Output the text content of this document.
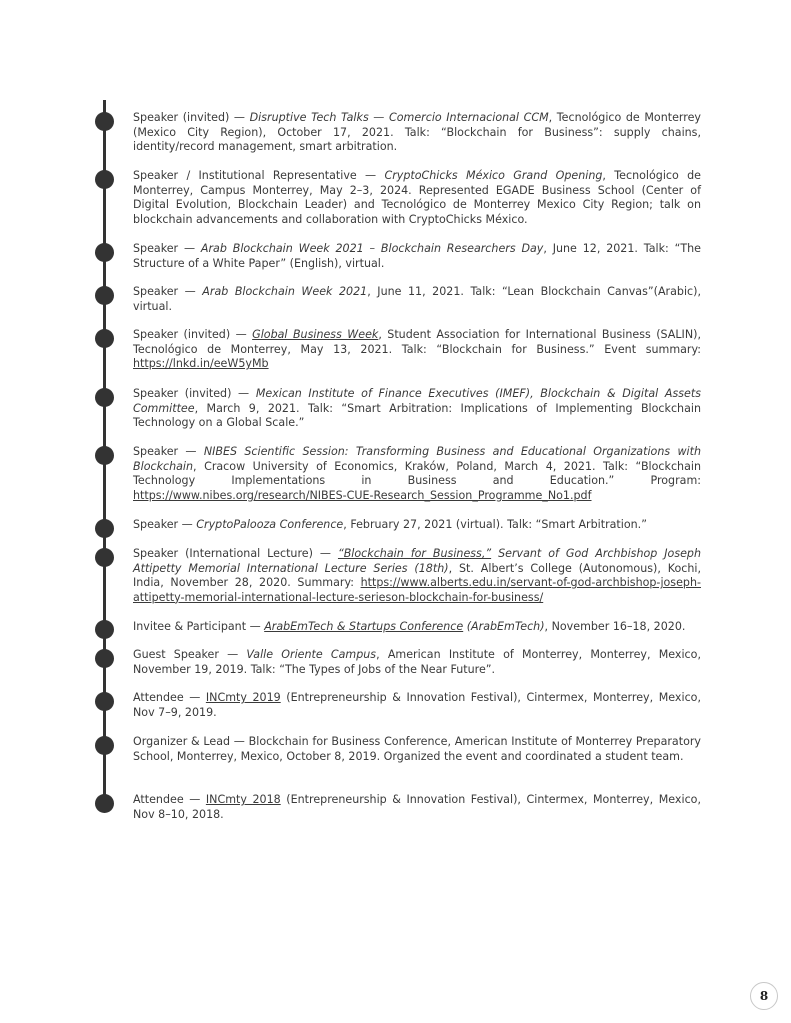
Speaker (invited) — Disruptive Tech Talks — Comercio Internacional CCM, Tecnológico de Monterrey (Mexico City Region), October 17, 2021. Talk: “Blockchain for Business”: supply chains, identity/record management, smart arbitration.

Speaker / Institutional Representative — CryptoChicks México Grand Opening, Tecnológico de Monterrey, Campus Monterrey, May 2–3, 2024. Represented EGADE Business School (Center of Digital Evolution, Blockchain Leader) and Tecnológico de Monterrey Mexico City Region; talk on blockchain advancements and collaboration with CryptoChicks México.

Speaker — Arab Blockchain Week 2021 – Blockchain Researchers Day, June 12, 2021. Talk: “The Structure of a White Paper” (English), virtual.

Speaker — Arab Blockchain Week 2021, June 11, 2021. Talk: “Lean Blockchain Canvas”(Arabic), virtual.

Speaker (invited) — Global Business Week, Student Association for International Business (SALIN), Tecnológico de Monterrey, May 13, 2021. Talk: “Blockchain for Business.” Event summary: https://lnkd.in/eeW5yMb

Speaker (invited) — Mexican Institute of Finance Executives (IMEF), Blockchain & Digital Assets Committee, March 9, 2021. Talk: “Smart Arbitration: Implications of Implementing Blockchain Technology on a Global Scale.”

Speaker — NIBES Scientific Session: Transforming Business and Educational Organizations with Blockchain, Cracow University of Economics, Kraków, Poland, March 4, 2021. Talk: “Blockchain Technology Implementations in Business and Education.” Program: https://www.nibes.org/research/NIBES-CUE-Research_Session_Programme_No1.pdf

Speaker — CryptoPalooza Conference, February 27, 2021 (virtual). Talk: “Smart Arbitration.”

Speaker (International Lecture) — “Blockchain for Business,” Servant of God Archbishop Joseph Attipetty Memorial International Lecture Series (18th), St. Albert’s College (Autonomous), Kochi, India, November 28, 2020. Summary: https://www.alberts.edu.in/servant-of-god-archbishop-joseph-attipetty-memorial-international-lecture-serieson-blockchain-for-business/

Invitee & Participant — ArabEmTech & Startups Conference (ArabEmTech), November 16–18, 2020.

Guest Speaker — Valle Oriente Campus, American Institute of Monterrey, Monterrey, Mexico, November 19, 2019. Talk: “The Types of Jobs of the Near Future”.

Attendee — INCmty 2019 (Entrepreneurship & Innovation Festival), Cintermex, Monterrey, Mexico, Nov 7–9, 2019.

Organizer & Lead — Blockchain for Business Conference, American Institute of Monterrey Preparatory School, Monterrey, Mexico, October 8, 2019. Organized the event and coordinated a student team.

Attendee — INCmty 2018 (Entrepreneurship & Innovation Festival), Cintermex, Monterrey, Mexico, Nov 8–10, 2018.

8
